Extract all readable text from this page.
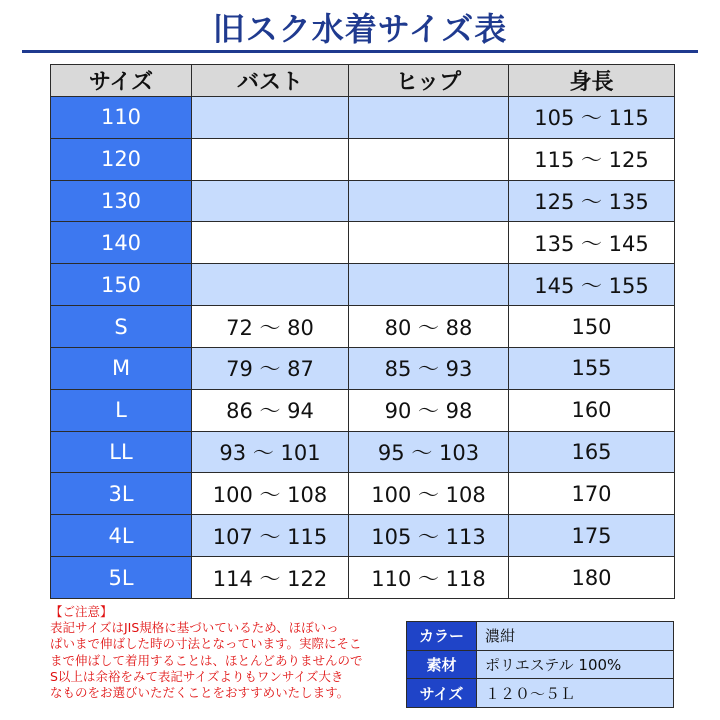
旧スク水着サイズ表
サイズ	バスト	ヒップ	身長
110			105 〜 115
120			115 〜 125
130			125 〜 135
140			135 〜 145
150			145 〜 155
S	72 〜 80	80 〜 88	150
M	79 〜 87	85 〜 93	155
L	86 〜 94	90 〜 98	160
LL	93 〜 101	95 〜 103	165
3L	100 〜 108	100 〜 108	170
4L	107 〜 115	105 〜 113	175
5L	114 〜 122	110 〜 118	180
【ご注意】
表記サイズはJIS規格に基づいているため、ほぼいっ
ぱいまで伸ばした時の寸法となっています。実際にそこ
まで伸ばして着用することは、ほとんどありませんので
S以上は余裕をみて表記サイズよりもワンサイズ大き
なものをお選びいただくことをおすすめいたします。
カラー	濃紺
素材	ポリエステル 100%
サイズ	１２０〜５Ｌ
